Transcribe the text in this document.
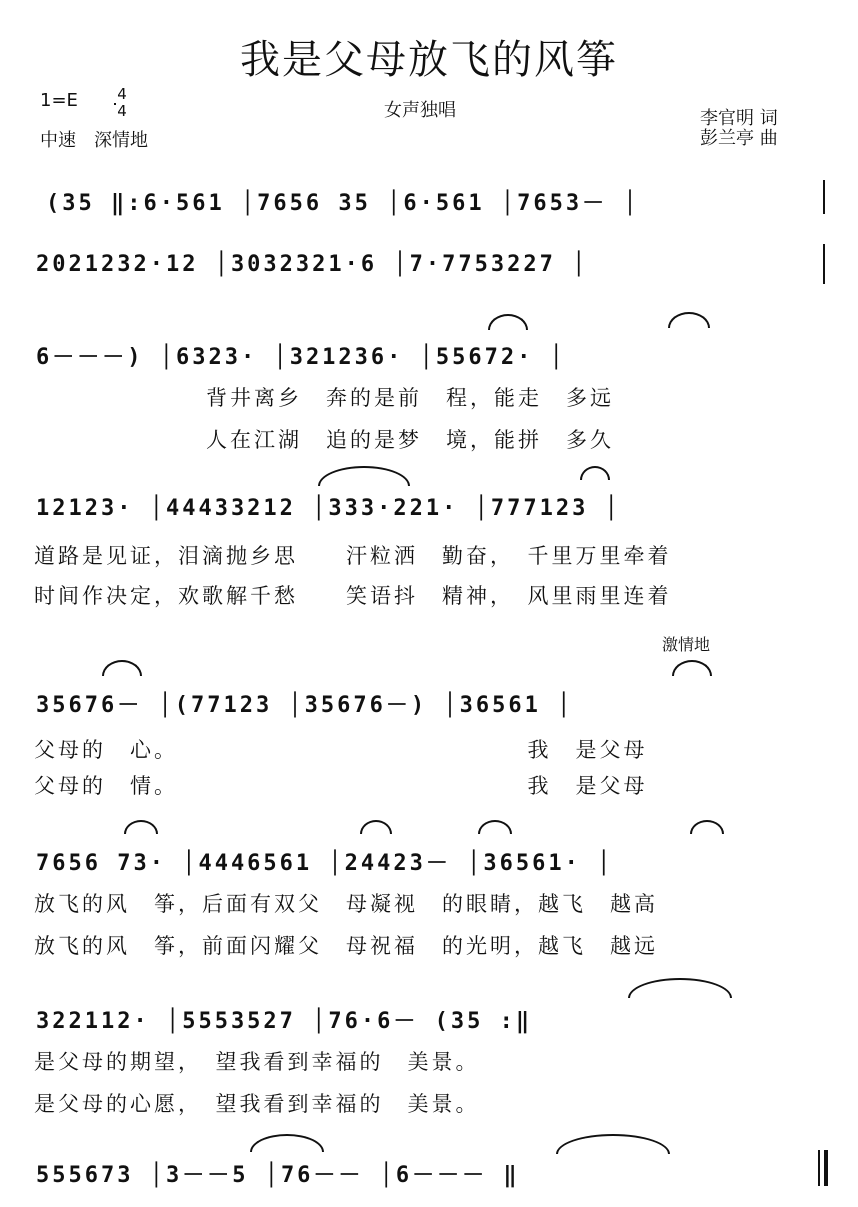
我是父母放飞的风筝
1=E	4
4
中速　深情地
女声独唱	李官明 词
彭兰亭 曲
(35 ‖:6·561 │7656 35 │6·561 │7653－ │
2021232·12 │3032321·6 │7·7753227 │
6－－－) │6323· │321236· │55672· │
背井离乡　奔的是前　程，能走　多远
人在江湖　追的是梦　境，能拼　多久
12123· │44433212 │333·221· │777123 │
道路是见证，泪滴抛乡思　　汗粒洒　勤奋，　千里万里牵着
时间作决定，欢歌解千愁　　笑语抖　精神，　风里雨里连着
激情地
35676－ │(77123 │35676－) │36561 │
父母的　心。　　　　　　　　　　　　　　　我　是父母
父母的　情。　　　　　　　　　　　　　　　我　是父母
7656 73· │4446561 │24423－ │36561· │
放飞的风　筝，后面有双父　母凝视　的眼睛，越飞　越高
放飞的风　筝，前面闪耀父　母祝福　的光明，越飞　越远
322112· │5553527 │76·6－ (35 :‖
是父母的期望，　望我看到幸福的　美景。
是父母的心愿，　望我看到幸福的　美景。
555673 │3－－5 │76－－ │6－－－ ‖
